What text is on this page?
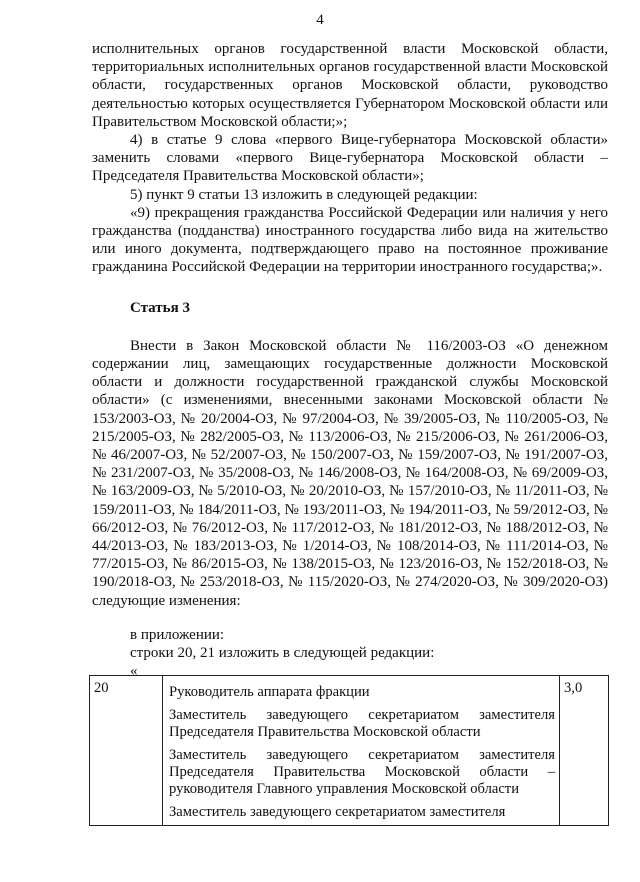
4

исполнительных органов государственной власти Московской области, территориальных исполнительных органов государственной власти Московской области, государственных органов Московской области, руководство деятельностью которых осуществляется Губернатором Московской области или Правительством Московской области;»;

4) в статье 9 слова «первого Вице-губернатора Московской области» заменить словами «первого Вице-губернатора Московской области – Председателя Правительства Московской области»;

5) пункт 9 статьи 13 изложить в следующей редакции:

«9) прекращения гражданства Российской Федерации или наличия у него гражданства (подданства) иностранного государства либо вида на жительство или иного документа, подтверждающего право на постоянное проживание гражданина Российской Федерации на территории иностранного государства;».

Статья 3

Внести в Закон Московской области № 116/2003-ОЗ «О денежном содержании лиц, замещающих государственные должности Московской области и должности государственной гражданской службы Московской области» (с изменениями, внесенными законами Московской области № 153/2003-ОЗ, № 20/2004-ОЗ, № 97/2004-ОЗ, № 39/2005-ОЗ, № 110/2005-ОЗ, № 215/2005-ОЗ, № 282/2005-ОЗ, № 113/2006-ОЗ, № 215/2006-ОЗ, № 261/2006-ОЗ, № 46/2007-ОЗ, № 52/2007-ОЗ, № 150/2007-ОЗ, № 159/2007-ОЗ, № 191/2007-ОЗ, № 231/2007-ОЗ, № 35/2008-ОЗ, № 146/2008-ОЗ, № 164/2008-ОЗ, № 69/2009-ОЗ, № 163/2009-ОЗ, № 5/2010-ОЗ, № 20/2010-ОЗ, № 157/2010-ОЗ, № 11/2011-ОЗ, № 159/2011-ОЗ, № 184/2011-ОЗ, № 193/2011-ОЗ, № 194/2011-ОЗ, № 59/2012-ОЗ, № 66/2012-ОЗ, № 76/2012-ОЗ, № 117/2012-ОЗ, № 181/2012-ОЗ, № 188/2012-ОЗ, № 44/2013-ОЗ, № 183/2013-ОЗ, № 1/2014-ОЗ, № 108/2014-ОЗ, № 111/2014-ОЗ, № 77/2015-ОЗ, № 86/2015-ОЗ, № 138/2015-ОЗ, № 123/2016-ОЗ, № 152/2018-ОЗ, № 190/2018-ОЗ, № 253/2018-ОЗ, № 115/2020-ОЗ, № 274/2020-ОЗ, № 309/2020-ОЗ) следующие изменения:

в приложении:

строки 20, 21 изложить в следующей редакции:

«

20	Руководитель аппарата фракции

Заместитель заведующего секретариатом заместителя Председателя Правительства Московской области

Заместитель заведующего секретариатом заместителя Председателя Правительства Московской области – руководителя Главного управления Московской области

Заместитель заведующего секретариатом заместителя

	3,0
